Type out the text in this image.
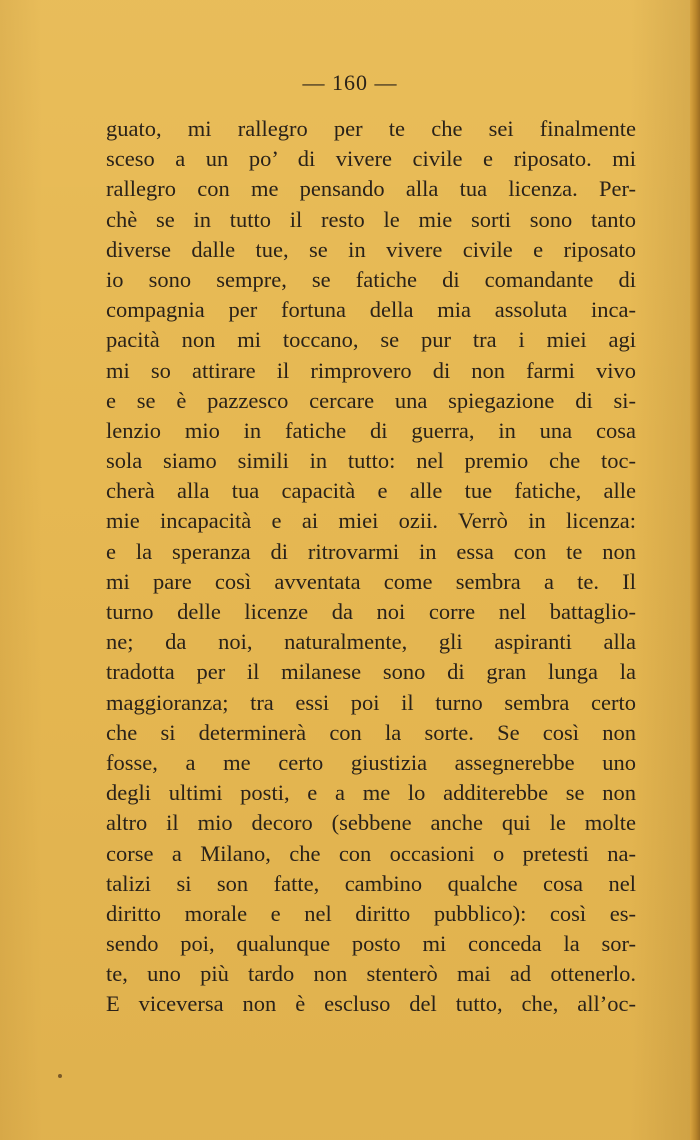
— 160 —
guato, mi rallegro per te che sei finalmente
sceso a un po’ di vivere civile e riposato. mi
rallegro con me pensando alla tua licenza. Per-
chè se in tutto il resto le mie sorti sono tanto
diverse dalle tue, se in vivere civile e riposato
io sono sempre, se fatiche di comandante di
compagnia per fortuna della mia assoluta inca-
pacità non mi toccano, se pur tra i miei agi
mi so attirare il rimprovero di non farmi vivo
e se è pazzesco cercare una spiegazione di si-
lenzio mio in fatiche di guerra, in una cosa
sola siamo simili in tutto: nel premio che toc-
cherà alla tua capacità e alle tue fatiche, alle
mie incapacità e ai miei ozii. Verrò in licenza:
e la speranza di ritrovarmi in essa con te non
mi pare così avventata come sembra a te. Il
turno delle licenze da noi corre nel battaglio-
ne; da noi, naturalmente, gli aspiranti alla
tradotta per il milanese sono di gran lunga la
maggioranza; tra essi poi il turno sembra certo
che si determinerà con la sorte. Se così non
fosse, a me certo giustizia assegnerebbe uno
degli ultimi posti, e a me lo additerebbe se non
altro il mio decoro (sebbene anche qui le molte
corse a Milano, che con occasioni o pretesti na-
talizi si son fatte, cambino qualche cosa nel
diritto morale e nel diritto pubblico): così es-
sendo poi, qualunque posto mi conceda la sor-
te, uno più tardo non stenterò mai ad ottenerlo.
E viceversa non è escluso del tutto, che, all’oc-
